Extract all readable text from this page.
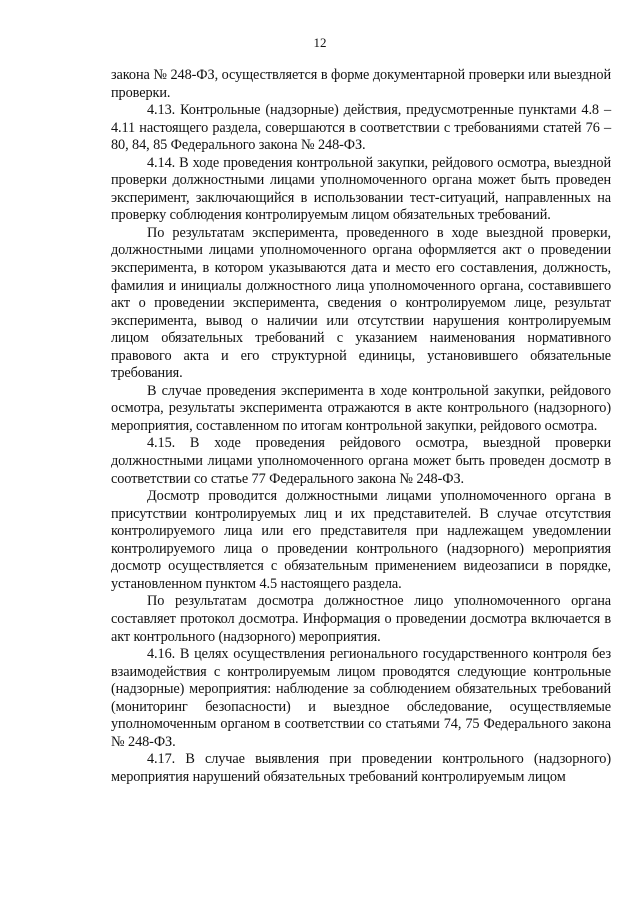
12

закона № 248-ФЗ, осуществляется в форме документарной проверки или выездной проверки.

4.13. Контрольные (надзорные) действия, предусмотренные пунктами 4.8 – 4.11 настоящего раздела, совершаются в соответствии с требованиями статей 76 – 80, 84, 85 Федерального закона № 248-ФЗ.

4.14. В ходе проведения контрольной закупки, рейдового осмотра, выездной проверки должностными лицами уполномоченного органа может быть проведен эксперимент, заключающийся в использовании тест-ситуаций, направленных на проверку соблюдения контролируемым лицом обязательных требований.

По результатам эксперимента, проведенного в ходе выездной проверки, должностными лицами уполномоченного органа оформляется акт о проведении эксперимента, в котором указываются дата и место его составления, должность, фамилия и инициалы должностного лица уполномоченного органа, составившего акт о проведении эксперимента, сведения о контролируемом лице, результат эксперимента, вывод о наличии или отсутствии нарушения контролируемым лицом обязательных требований с указанием наименования нормативного правового акта и его структурной единицы, установившего обязательные требования.

В случае проведения эксперимента в ходе контрольной закупки, рейдового осмотра, результаты эксперимента отражаются в акте контрольного (надзорного) мероприятия, составленном по итогам контрольной закупки, рейдового осмотра.

4.15. В ходе проведения рейдового осмотра, выездной проверки должностными лицами уполномоченного органа может быть проведен досмотр в соответствии со статье 77 Федерального закона № 248-ФЗ.

Досмотр проводится должностными лицами уполномоченного органа в присутствии контролируемых лиц и их представителей. В случае отсутствия контролируемого лица или его представителя при надлежащем уведомлении контролируемого лица о проведении контрольного (надзорного) мероприятия досмотр осуществляется с обязательным применением видеозаписи в порядке, установленном пунктом 4.5 настоящего раздела.

По результатам досмотра должностное лицо уполномоченного органа составляет протокол досмотра. Информация о проведении досмотра включается в акт контрольного (надзорного) мероприятия.

4.16. В целях осуществления регионального государственного контроля без взаимодействия с контролируемым лицом проводятся следующие контрольные (надзорные) мероприятия: наблюдение за соблюдением обязательных требований (мониторинг безопасности) и выездное обследование, осуществляемые уполномоченным органом в соответствии со статьями 74, 75 Федерального закона № 248-ФЗ.

4.17. В случае выявления при проведении контрольного (надзорного) мероприятия нарушений обязательных требований контролируемым лицом
